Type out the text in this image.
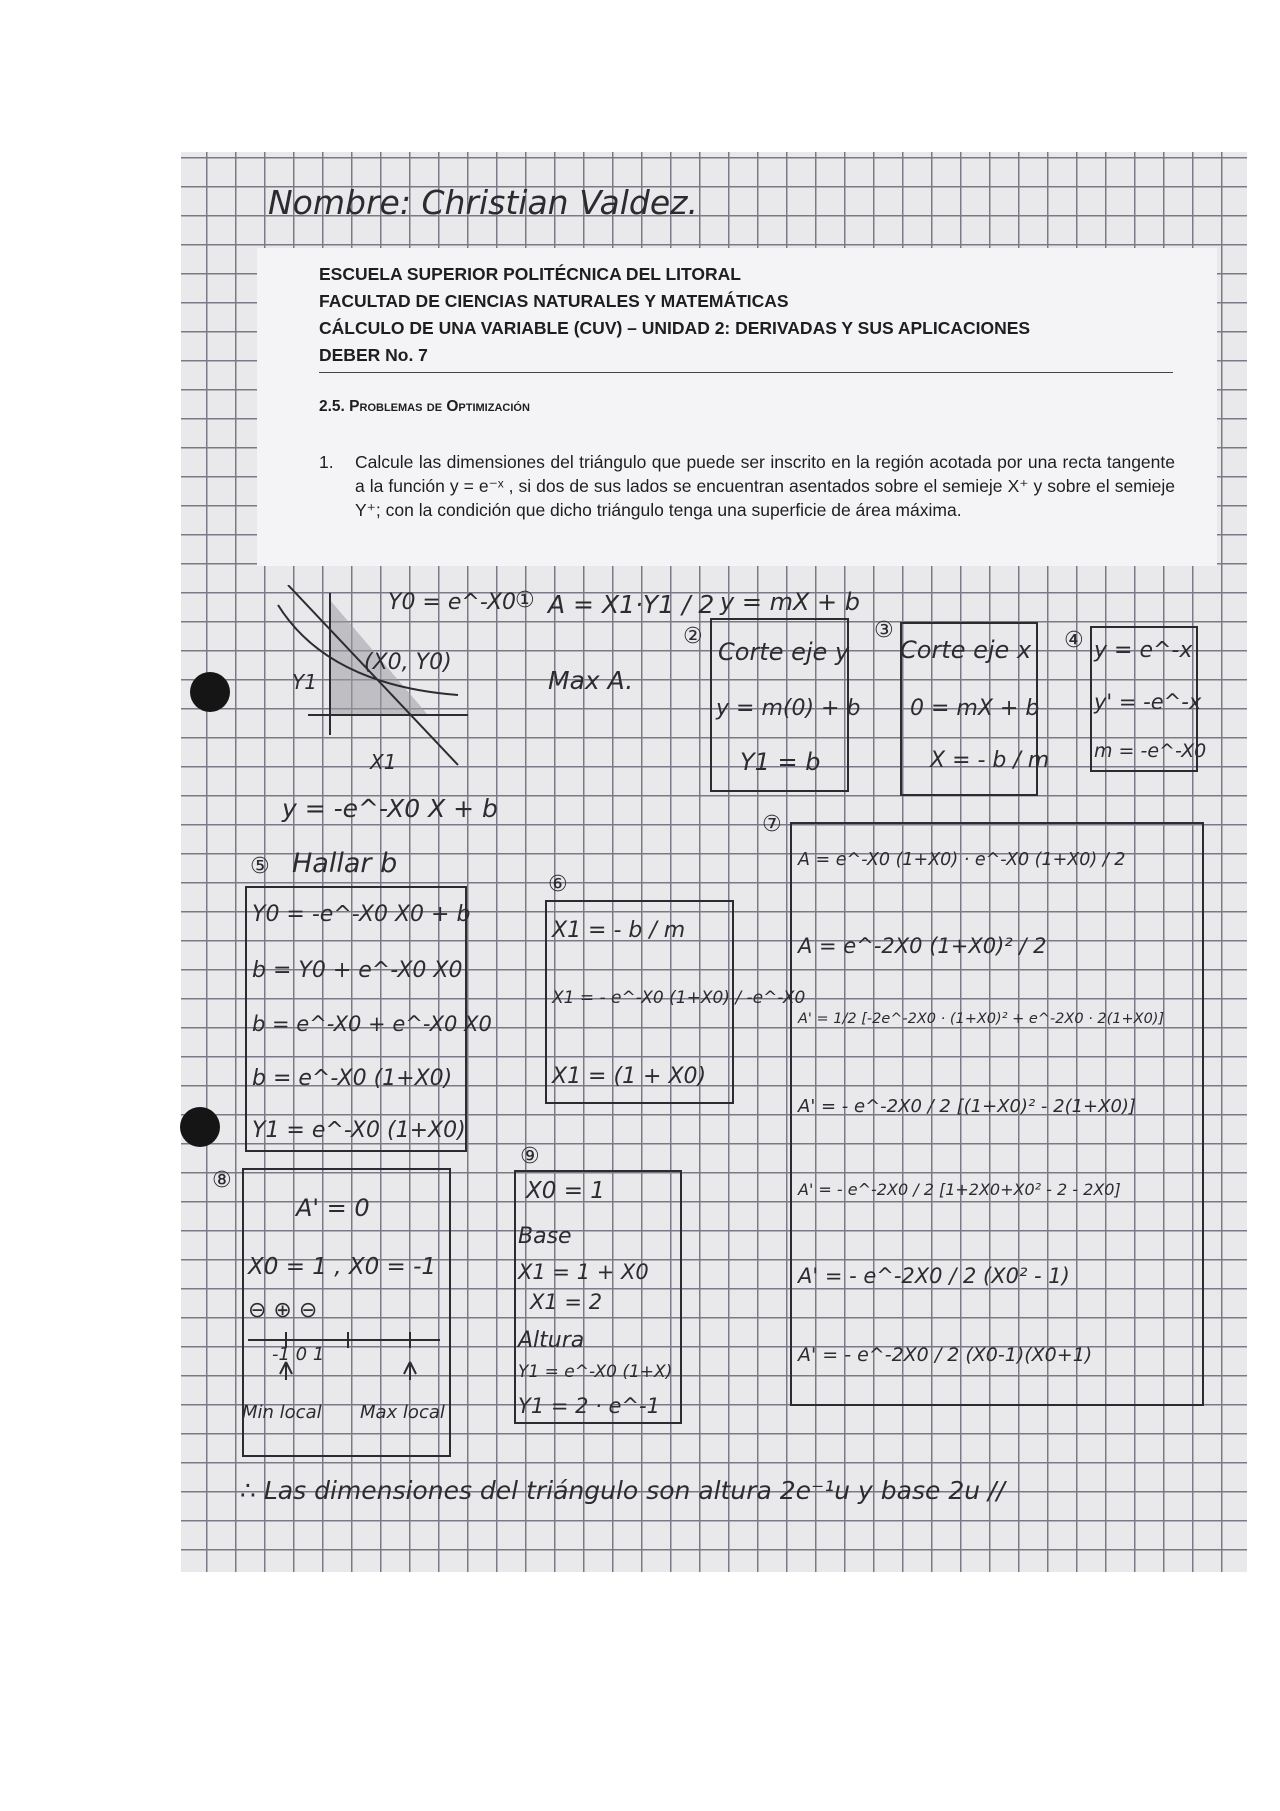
Nombre: Christian Valdez.
ESCUELA SUPERIOR POLITÉCNICA DEL LITORAL
FACULTAD DE CIENCIAS NATURALES Y MATEMÁTICAS
CÁLCULO DE UNA VARIABLE (CUV) – UNIDAD 2: DERIVADAS Y SUS APLICACIONES
DEBER No. 7
2.5. Problemas de Optimización
1. Calcule las dimensiones del triángulo que puede ser inscrito en la región acotada por una recta tangente a la función y = e⁻ˣ , si dos de sus lados se encuentran asentados sobre el semieje X⁺ y sobre el semieje Y⁺; con la condición que dicho triángulo tenga una superficie de área máxima.
Y0 = e^-X0
(X0, Y0)
Y1
X1
① A = X1·Y1 / 2
Max A.
y = mX + b
②
Corte eje y
y = m(0) + b
Y1 = b
③
Corte eje x
0 = mX + b
X = - b / m
④ y = e^-x
y' = -e^-x
m = -e^-X0
y = -e^-X0 X + b
⑤ Hallar b
Y0 = -e^-X0 X0 + b
b = Y0 + e^-X0 X0
b = e^-X0 + e^-X0 X0
b = e^-X0 (1+X0)
Y1 = e^-X0 (1+X0)
⑥
X1 = - b / m
X1 = - e^-X0 (1+X0) / -e^-X0
X1 = (1 + X0)
⑦
A = e^-X0 (1+X0) · e^-X0 (1+X0) / 2
A = e^-2X0 (1+X0)² / 2
A' = 1/2 [-2e^-2X0 · (1+X0)² + e^-2X0 · 2(1+X0)]
A' = - e^-2X0 / 2 [(1+X0)² - 2(1+X0)]
A' = - e^-2X0 / 2 [1+2X0+X0² - 2 - 2X0]
A' = - e^-2X0 / 2 (X0² - 1)
A' = - e^-2X0 / 2 (X0-1)(X0+1)
⑧
A' = 0
X0 = 1 , X0 = -1
⊖ ⊕ ⊖
-1 0 1
Min local Max local
⑨
X0 = 1
Base
X1 = 1 + X0
X1 = 2
Altura
Y1 = e^-X0 (1+X)
Y1 = 2 · e^-1
∴ Las dimensiones del triángulo son altura 2e⁻¹u y base 2u //
